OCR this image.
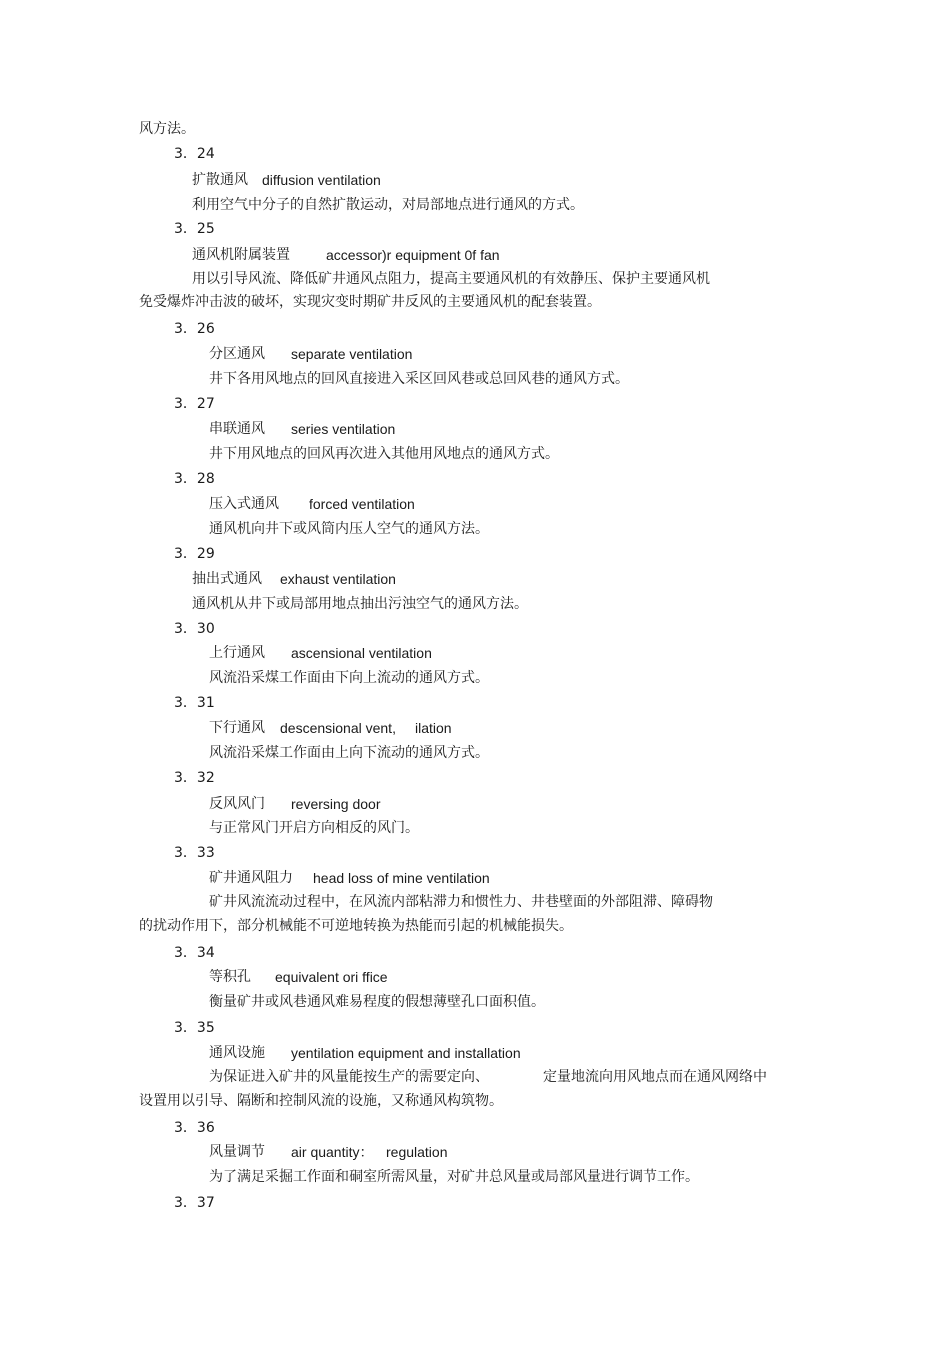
风方法。
3．24
扩散通风 diffusion ventilation
利用空气中分子的自然扩散运动，对局部地点进行通风的方式。
3．25
通风机附属装置	accessor)r equipment 0f fan
用以引导风流、降低矿井通风点阻力，提高主要通风机的有效静压、保护主要通风机
免受爆炸冲击波的破坏，实现灾变时期矿井反风的主要通风机的配套装置。
3．26
分区通风 separate ventilation
井下各用风地点的回风直接进入采区回风巷或总回风巷的通风方式。
3．27
串联通风 series ventilation
井下用风地点的回风再次进入其他用风地点的通风方式。
3．28
压入式通风 forced ventilation
通风机向井下或风筒内压人空气的通风方法。
3．29
抽出式通风 exhaust ventilation
通风机从井下或局部用地点抽出污浊空气的通风方法。
3．30
上行通风 ascensional ventilation
风流沿采煤工作面由下向上流动的通风方式。
3．31
下行通风 descensional vent, ilation
风流沿采煤工作面由上向下流动的通风方式。
3．32
反风风门 reversing door
与正常风门开启方向相反的风门。
3．33
矿井通风阻力 head loss of mine ventilation
矿井风流流动过程中，在风流内部粘滞力和惯性力、井巷壁面的外部阻滞、障碍物
的扰动作用下，部分机械能不可逆地转换为热能而引起的机械能损失。
3．34
等积孔 equivalent ori ffice
衡量矿井或风巷通风难易程度的假想薄壁孔口面积值。
3．35
通风设施 yentilation equipment and installation
为保证进入矿井的风量能按生产的需要定向、	定量地流向用风地点而在通风网络中
设置用以引导、隔断和控制风流的设施，又称通风构筑物。
3．36
风量调节 air quantity： regulation
为了满足采掘工作面和硐室所需风量，对矿井总风量或局部风量进行调节工作。
3．37
